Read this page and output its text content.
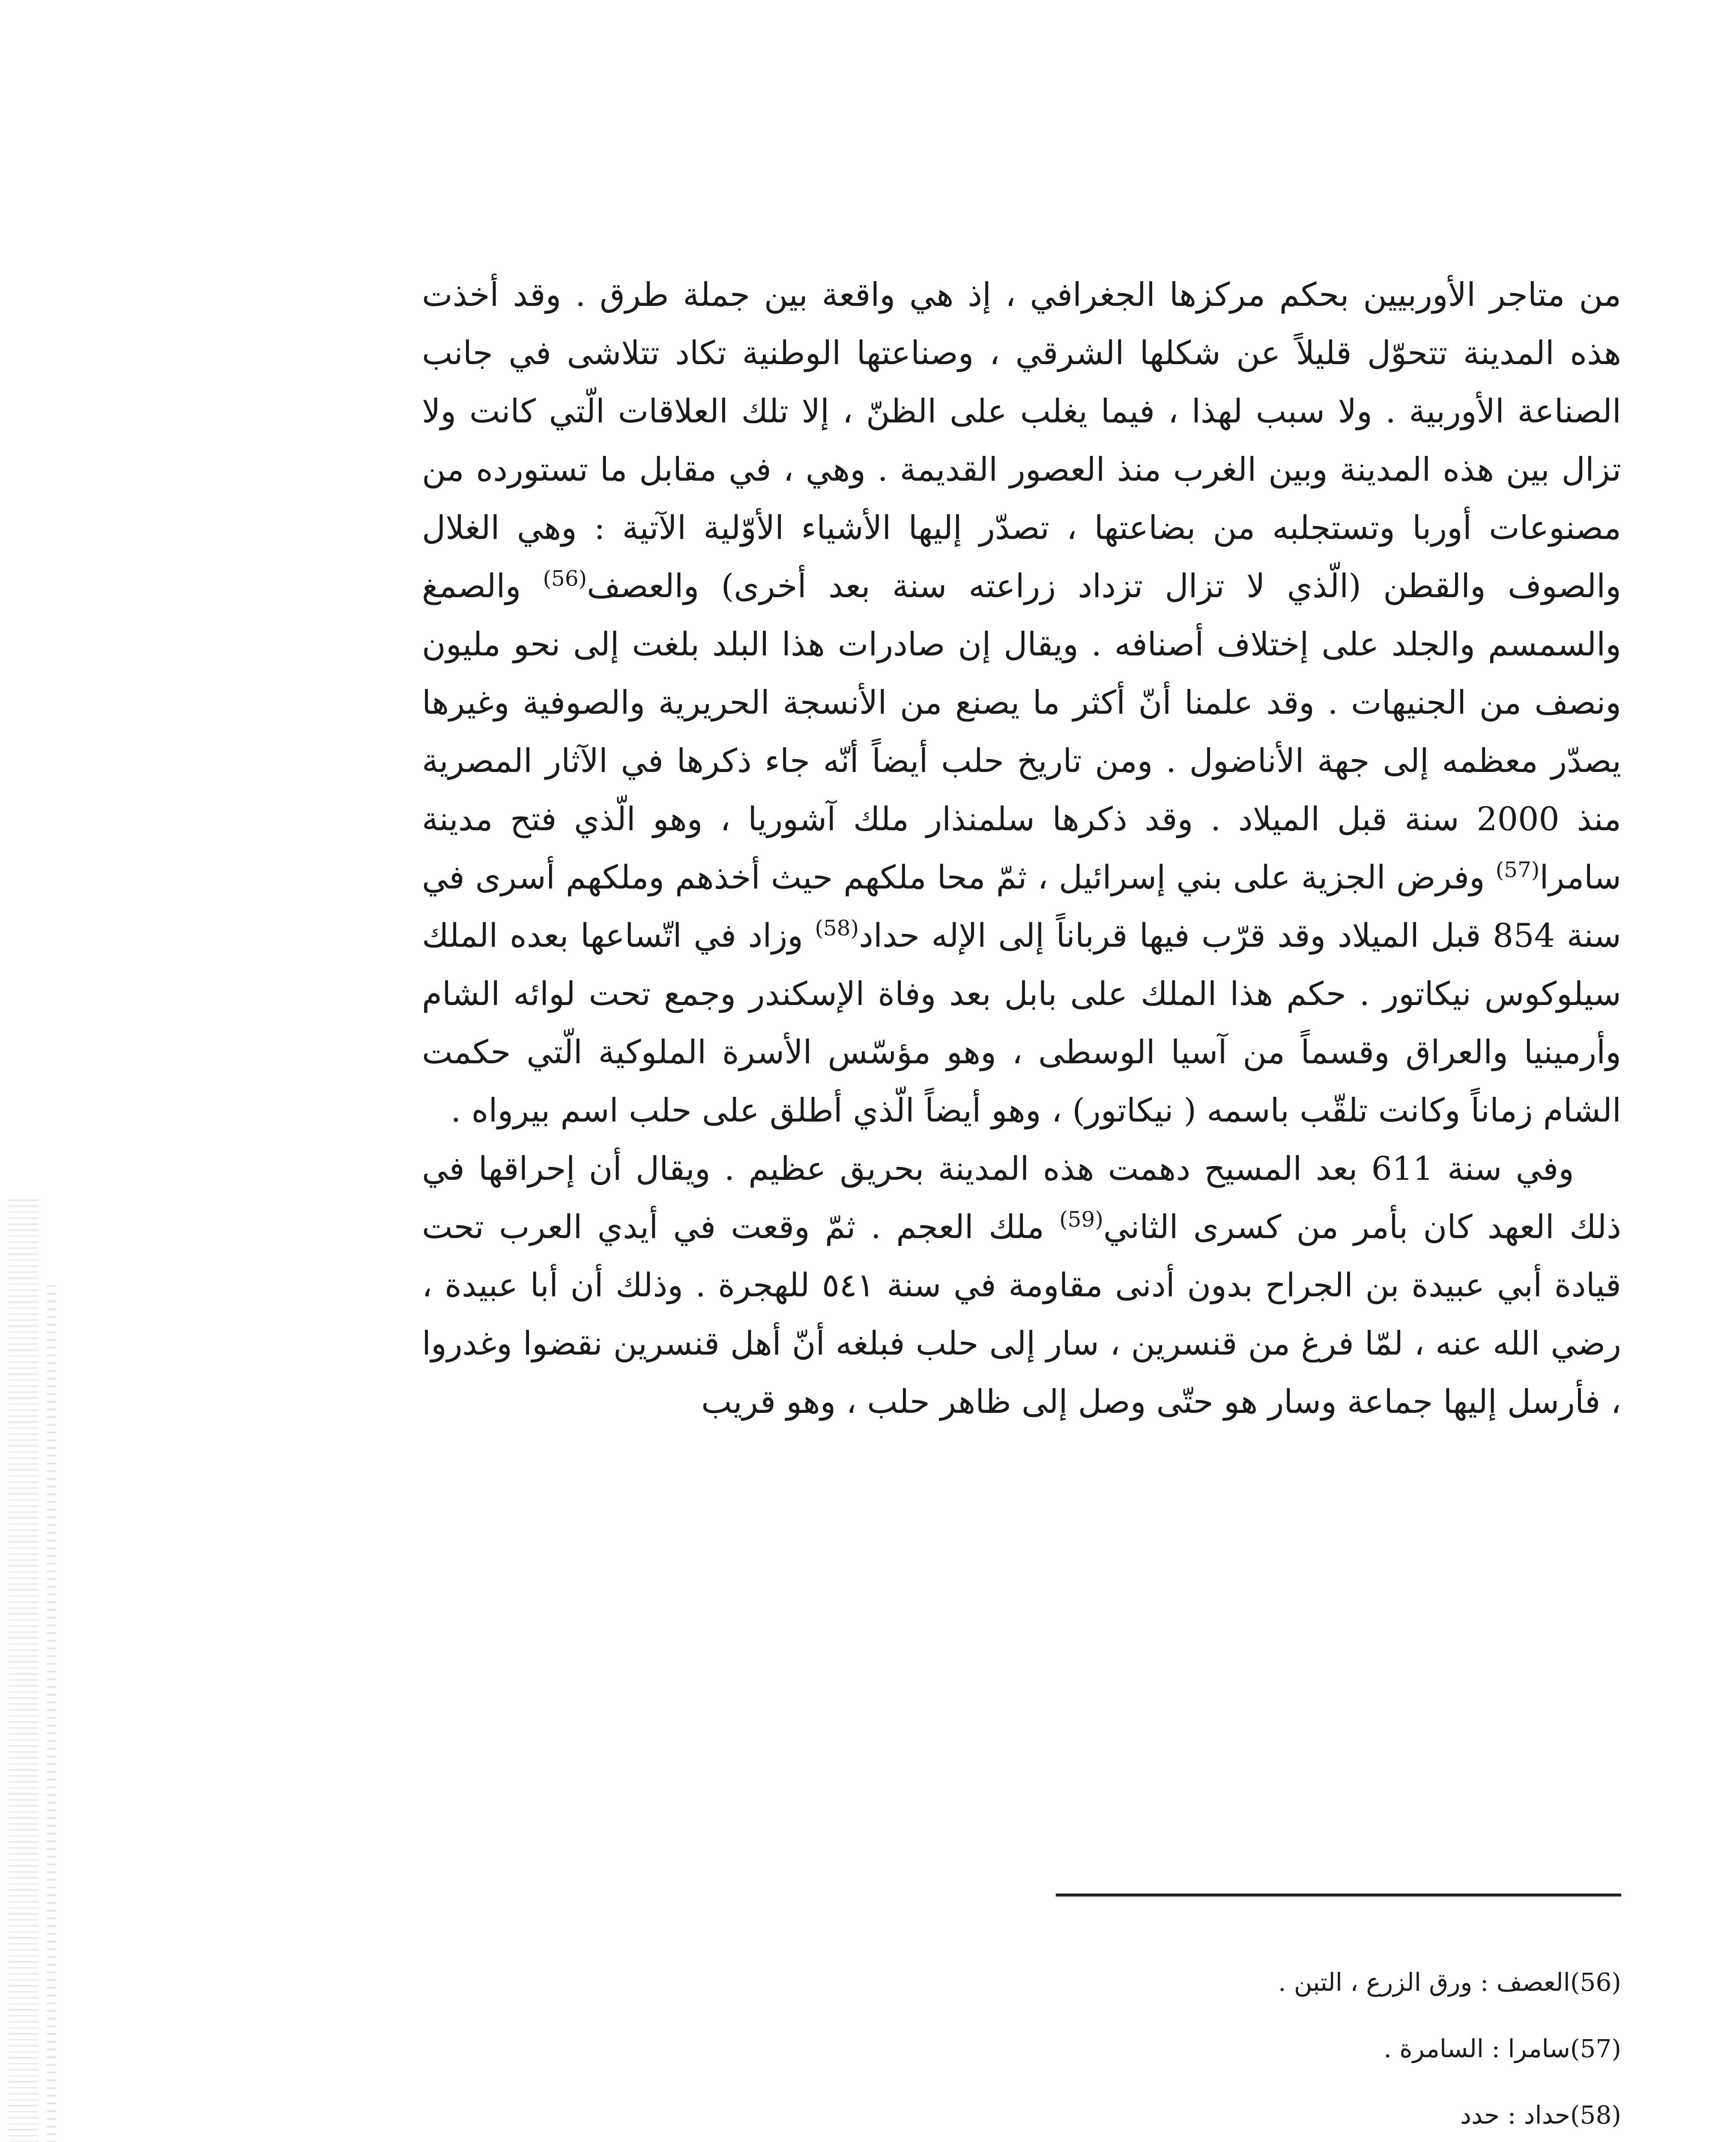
من متاجر الأوربيين بحكم مركزها الجغرافي ، إذ هي واقعة بين جملة طرق . وقد أخذت هذه المدينة تتحوّل قليلاً عن شكلها الشرقي ، وصناعتها الوطنية تكاد تتلاشى في جانب الصناعة الأوربية . ولا سبب لهذا ، فيما يغلب على الظنّ ، إلا تلك العلاقات الّتي كانت ولا تزال بين هذه المدينة وبين الغرب منذ العصور القديمة . وهي ، في مقابل ما تستورده من مصنوعات أوربا وتستجلبه من بضاعتها ، تصدّر إليها الأشياء الأوّلية الآتية : وهي الغلال والصوف والقطن (الّذي لا تزال تزداد زراعته سنة بعد أخرى) والعصف$^{(56)}$ والصمغ والسمسم والجلد على إختلاف أصنافه . ويقال إن صادرات هذا البلد بلغت إلى نحو مليون ونصف من الجنيهات . وقد علمنا أنّ أكثر ما يصنع من الأنسجة الحريرية والصوفية وغيرها يصدّر معظمه إلى جهة الأناضول . ومن تاريخ حلب أيضاً أنّه جاء ذكرها في الآثار المصرية منذ 2000 سنة قبل الميلاد . وقد ذكرها سلمنذار ملك آشوريا ، وهو الّذي فتح مدينة سامرا$^{(57)}$ وفرض الجزية على بني إسرائيل ، ثمّ محا ملكهم حيث أخذهم وملكهم أسرى في سنة 854 قبل الميلاد وقد قرّب فيها قرباناً إلى الإله حداد$^{(58)}$ وزاد في اتّساعها بعده الملك سيلوكوس نيكاتور . حكم هذا الملك على بابل بعد وفاة الإسكندر وجمع تحت لوائه الشام وأرمينيا والعراق وقسماً من آسيا الوسطى ، وهو مؤسّس الأسرة الملوكية الّتي حكمت الشام زماناً وكانت تلقّب باسمه ( نيكاتور) ، وهو أيضاً الّذي أطلق على حلب اسم بيرواه .

وفي سنة 611 بعد المسيح دهمت هذه المدينة بحريق عظيم . ويقال أن إحراقها في ذلك العهد كان بأمر من كسرى الثاني$^{(59)}$ ملك العجم . ثمّ وقعت في أيدي العرب تحت قيادة أبي عبيدة بن الجراح بدون أدنى مقاومة في سنة ٥٤١ للهجرة . وذلك أن أبا عبيدة ، رضي الله عنه ، لمّا فرغ من قنسرين ، سار إلى حلب فبلغه أنّ أهل قنسرين نقضوا وغدروا ، فأرسل إليها جماعة وسار هو حتّى وصل إلى ظاهر حلب ، وهو قريب

(56)العصف : ورق الزرع ، التبن .
(57)سامرا : السامرة .
(58)حداد : حدد
